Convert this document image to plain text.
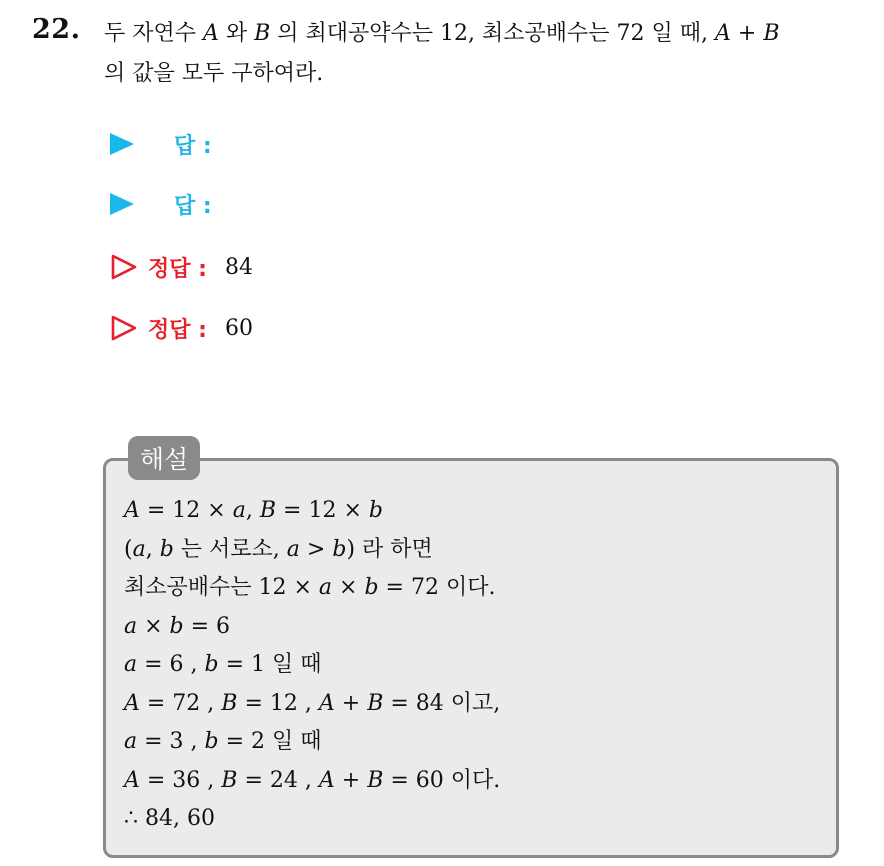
22. 두 자연수 A 와 B 의 최대공약수는 12, 최소공배수는 72 일 때, A + B
의 값을 모두 구하여라.
답 :
답 :
정답 : 84
정답 : 60
해설
A = 12 × a, B = 12 × b
(a, b 는 서로소, a > b) 라 하면
최소공배수는 12 × a × b = 72 이다.
a × b = 6
a = 6 , b = 1 일 때
A = 72 , B = 12 , A + B = 84 이고,
a = 3 , b = 2 일 때
A = 36 , B = 24 , A + B = 60 이다.
∴ 84, 60
